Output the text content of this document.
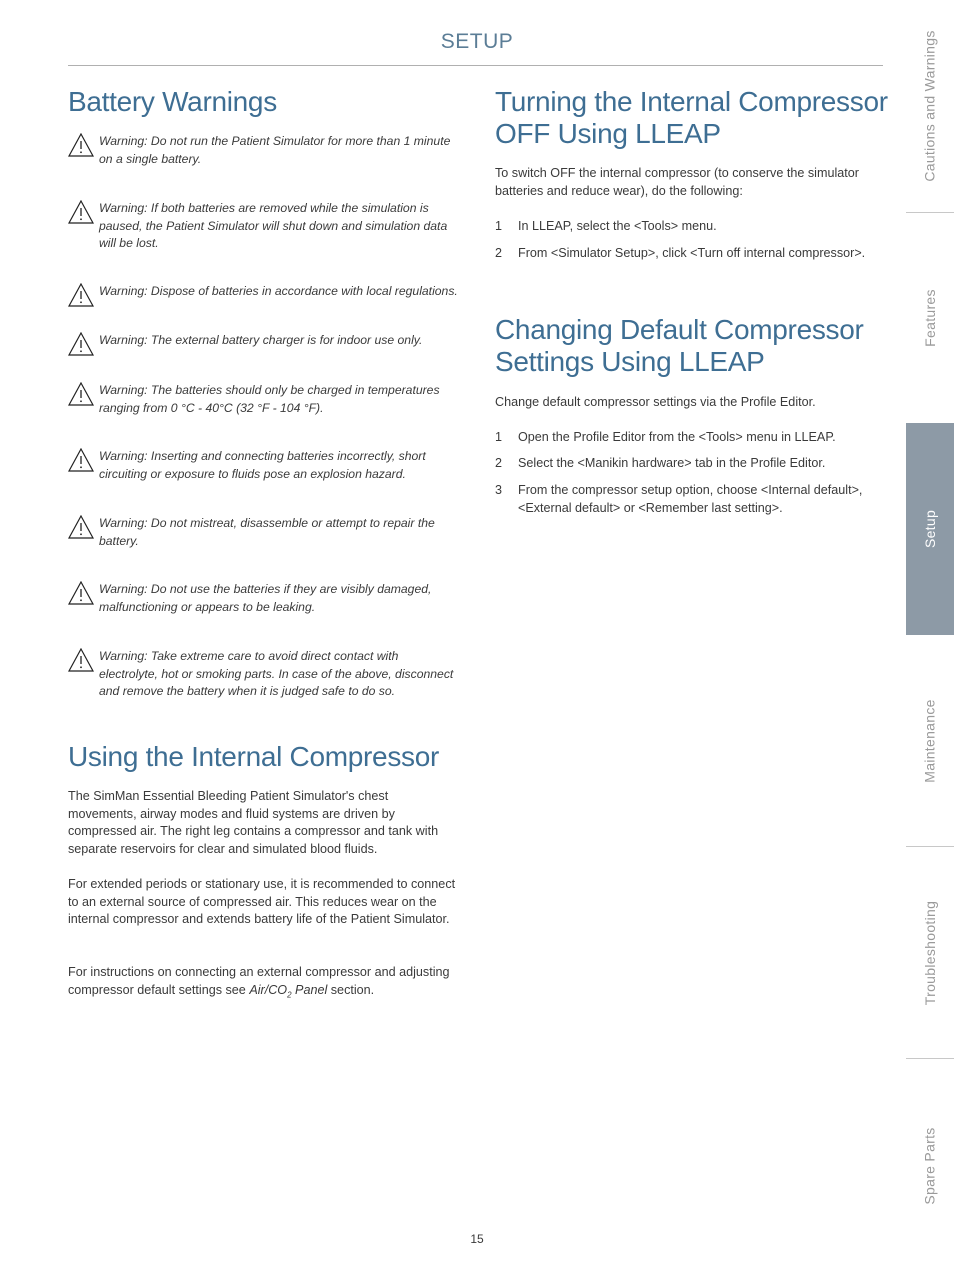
SETUP
Battery Warnings
Warning: Do not run the Patient Simulator for more than 1 minute on a single battery.
Warning: If both batteries are removed while the simulation is paused, the Patient Simulator will shut down and simulation data will be lost.
Warning: Dispose of batteries in accordance with local regulations.
Warning: The external battery charger is for indoor use only.
Warning: The batteries should only be charged in temperatures ranging from 0 °C - 40°C (32 °F - 104 °F).
Warning: Inserting and connecting batteries incorrectly, short circuiting or exposure to fluids pose an explosion hazard.
Warning: Do not mistreat, disassemble or attempt to repair the battery.
Warning: Do not use the batteries if they are visibly damaged, malfunctioning or appears to be leaking.
Warning: Take extreme care to avoid direct contact with electrolyte, hot or smoking parts. In case of the above, disconnect and remove the battery when it is judged safe to do so.
Using the Internal Compressor

The SimMan Essential Bleeding Patient Simulator's chest movements, airway modes and fluid systems are driven by compressed air. The right leg contains a compressor and tank with separate reservoirs for clear and simulated blood fluids.

For extended periods or stationary use, it is recommended to connect to an external source of compressed air. This reduces wear on the internal compressor and extends battery life of the Patient Simulator.

For instructions on connecting an external compressor and adjusting compressor default settings see Air/$CO_2$ Panel section.

Turning the Internal Compressor
OFF Using LLEAP

To switch OFF the internal compressor (to conserve the simulator batteries and reduce wear), do the following:

1 In LLEAP, select the <Tools> menu.
2 From <Simulator Setup>, click <Turn off internal compressor>.
Changing Default Compressor
Settings Using LLEAP

Change default compressor settings via the Profile Editor.

1 Open the Profile Editor from the <Tools> menu in LLEAP.
2 Select the <Manikin hardware> tab in the Profile Editor.
3 From the compressor setup option, choose <Internal default>, <External default> or <Remember last setting>.
Cautions and Warnings
Features
Setup
Maintenance
Troubleshooting
Spare Parts
15
